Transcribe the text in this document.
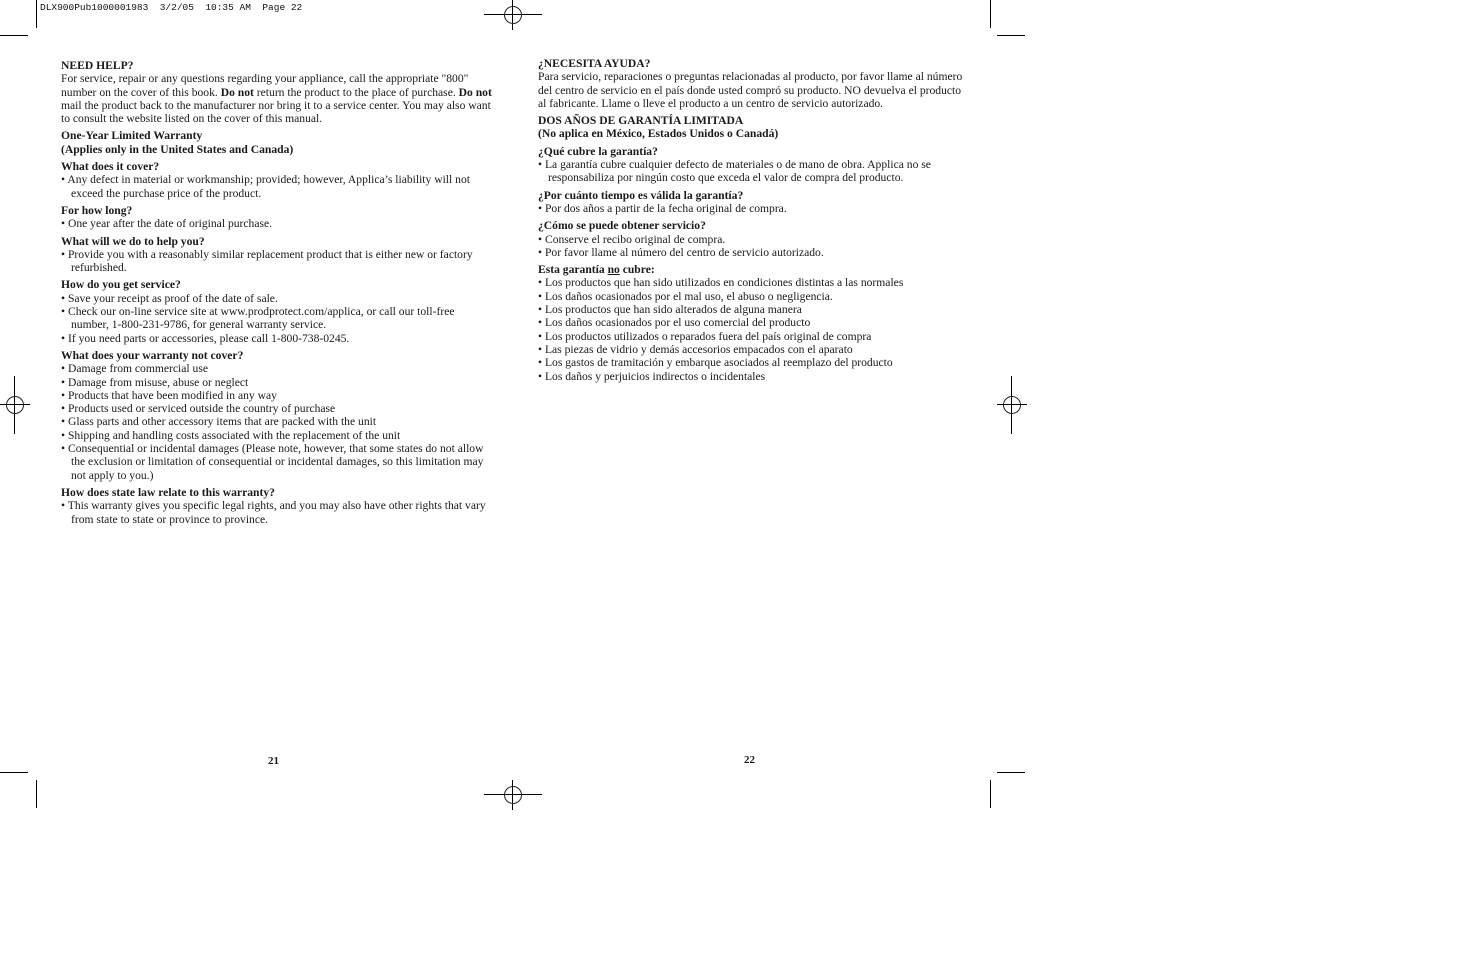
DLX900Pub1000001983  3/2/05  10:35 AM  Page 22

NEED HELP?

For service, repair or any questions regarding your appliance, call the appropriate "800" number on the cover of this book. Do not return the product to the place of purchase. Do not mail the product back to the manufacturer nor bring it to a service center. You may also want to consult the website listed on the cover of this manual.

One-Year Limited Warranty

(Applies only in the United States and Canada)

What does it cover?

• Any defect in material or workmanship; provided; however, Applica’s liability will not exceed the purchase price of the product.

For how long?

• One year after the date of original purchase.

What will we do to help you?

• Provide you with a reasonably similar replacement product that is either new or factory refurbished.

How do you get service?

• Save your receipt as proof of the date of sale.

• Check our on-line service site at www.prodprotect.com/applica, or call our toll-free number, 1-800-231-9786, for general warranty service.

• If you need parts or accessories, please call 1-800-738-0245.

What does your warranty not cover?

• Damage from commercial use

• Damage from misuse, abuse or neglect

• Products that have been modified in any way

• Products used or serviced outside the country of purchase

• Glass parts and other accessory items that are packed with the unit

• Shipping and handling costs associated with the replacement of the unit

• Consequential or incidental damages (Please note, however, that some states do not allow the exclusion or limitation of consequential or incidental damages, so this limitation may not apply to you.)

How does state law relate to this warranty?

• This warranty gives you specific legal rights, and you may also have other rights that vary from state to state or province to province.

¿NECESITA AYUDA?

Para servicio, reparaciones o preguntas relacionadas al producto, por favor llame al número del centro de servicio en el país donde usted compró su producto. NO devuelva el producto al fabricante. Llame o lleve el producto a un centro de servicio autorizado.

DOS AÑOS DE GARANTÍA LIMITADA

(No aplica en México, Estados Unidos o Canadá)

¿Qué cubre la garantía?

• La garantía cubre cualquier defecto de materiales o de mano de obra. Applica no se responsabiliza por ningún costo que exceda el valor de compra del producto.

¿Por cuánto tiempo es válida la garantía?

• Por dos años a partir de la fecha original de compra.

¿Cómo se puede obtener servicio?

• Conserve el recibo original de compra.

• Por favor llame al número del centro de servicio autorizado.

Esta garantía no cubre:

• Los productos que han sido utilizados en condiciones distintas a las normales

• Los daños ocasionados por el mal uso, el abuso o negligencia.

• Los productos que han sido alterados de alguna manera

• Los daños ocasionados por el uso comercial del producto

• Los productos utilizados o reparados fuera del país original de compra

• Las piezas de vidrio y demás accesorios empacados con el aparato

• Los gastos de tramitación y embarque asociados al reemplazo del producto

• Los daños y perjuicios indirectos o incidentales

21	22
